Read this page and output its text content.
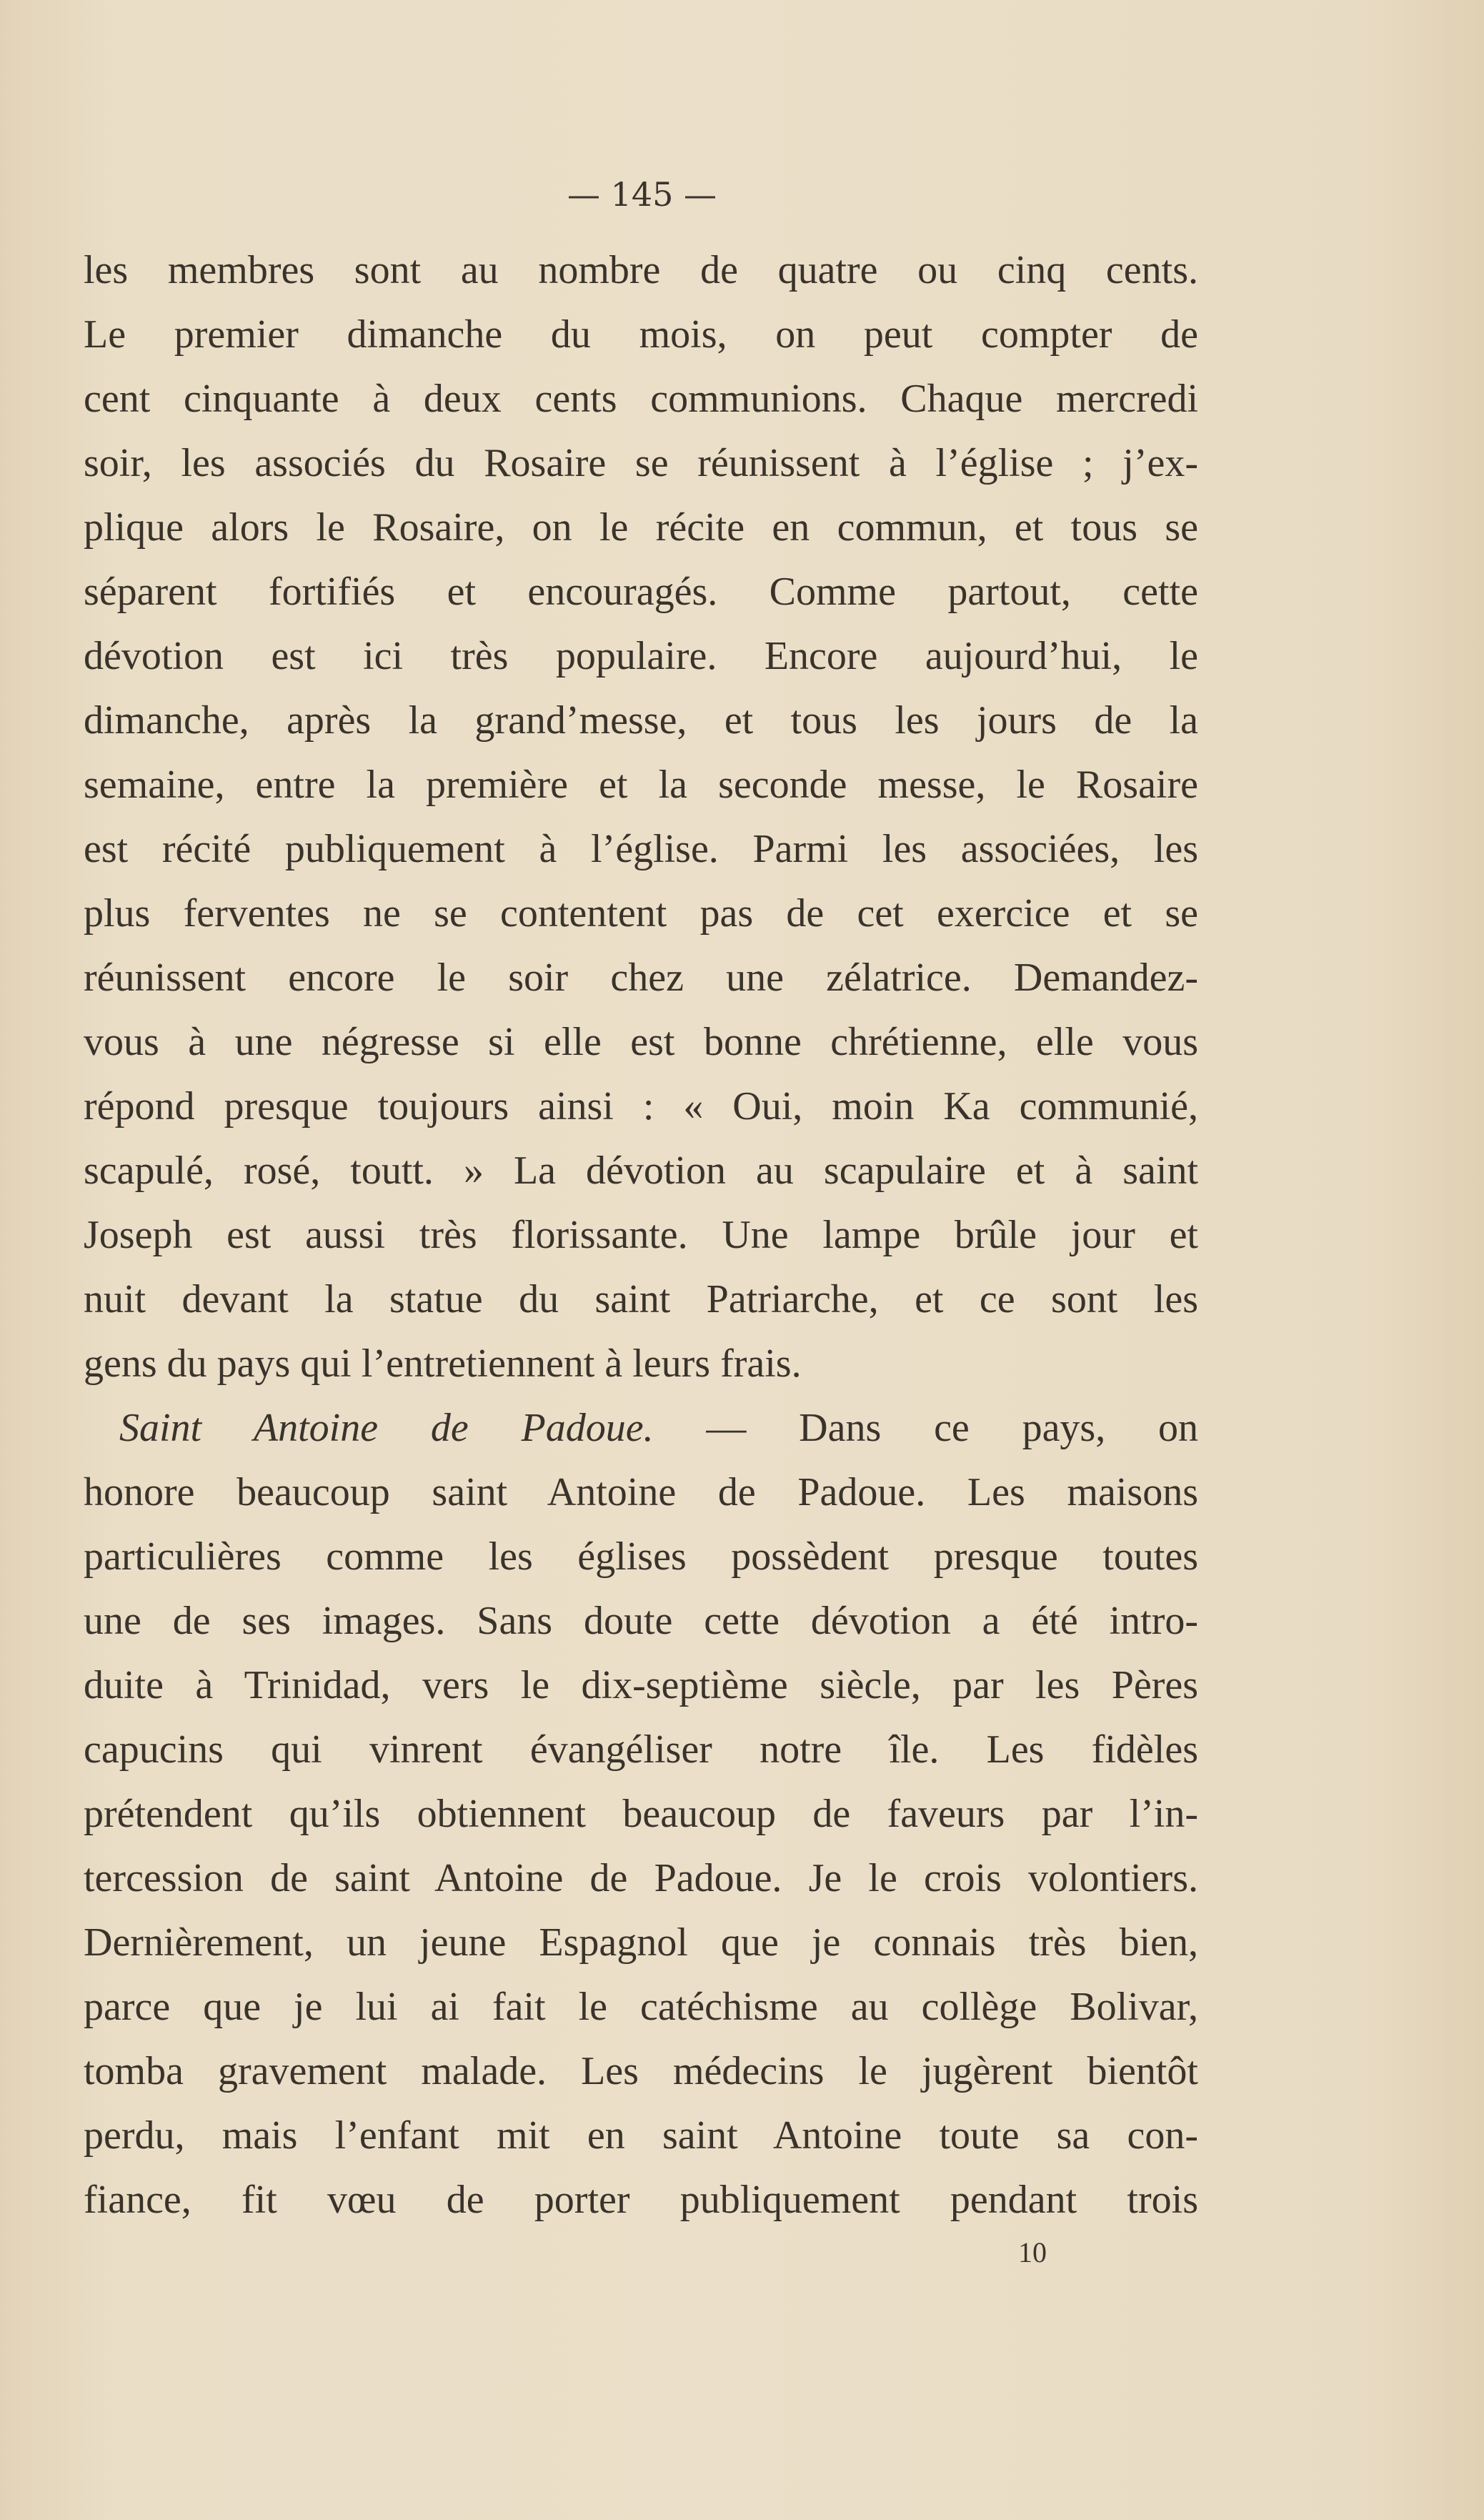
— 145 —
les membres sont au nombre de quatre ou cinq cents.
Le premier dimanche du mois, on peut compter de
cent cinquante à deux cents communions. Chaque mercredi
soir, les associés du Rosaire se réunissent à l’église ; j’ex-
plique alors le Rosaire, on le récite en commun, et tous se
séparent fortifiés et encouragés. Comme partout, cette
dévotion est ici très populaire. Encore aujourd’hui, le
dimanche, après la grand’messe, et tous les jours de la
semaine, entre la première et la seconde messe, le Rosaire
est récité publiquement à l’église. Parmi les associées, les
plus ferventes ne se contentent pas de cet exercice et se
réunissent encore le soir chez une zélatrice. Demandez-
vous à une négresse si elle est bonne chrétienne, elle vous
répond presque toujours ainsi : « Oui, moin Ka communié,
scapulé, rosé, toutt. » La dévotion au scapulaire et à saint
Joseph est aussi très florissante. Une lampe brûle jour et
nuit devant la statue du saint Patriarche, et ce sont les
gens du pays qui l’entretiennent à leurs frais.
Saint Antoine de Padoue. — Dans ce pays, on
honore beaucoup saint Antoine de Padoue. Les maisons
particulières comme les églises possèdent presque toutes
une de ses images. Sans doute cette dévotion a été intro-
duite à Trinidad, vers le dix-septième siècle, par les Pères
capucins qui vinrent évangéliser notre île. Les fidèles
prétendent qu’ils obtiennent beaucoup de faveurs par l’in-
tercession de saint Antoine de Padoue. Je le crois volontiers.
Dernièrement, un jeune Espagnol que je connais très bien,
parce que je lui ai fait le catéchisme au collège Bolivar,
tomba gravement malade. Les médecins le jugèrent bientôt
perdu, mais l’enfant mit en saint Antoine toute sa con-
fiance, fit vœu de porter publiquement pendant trois
10
